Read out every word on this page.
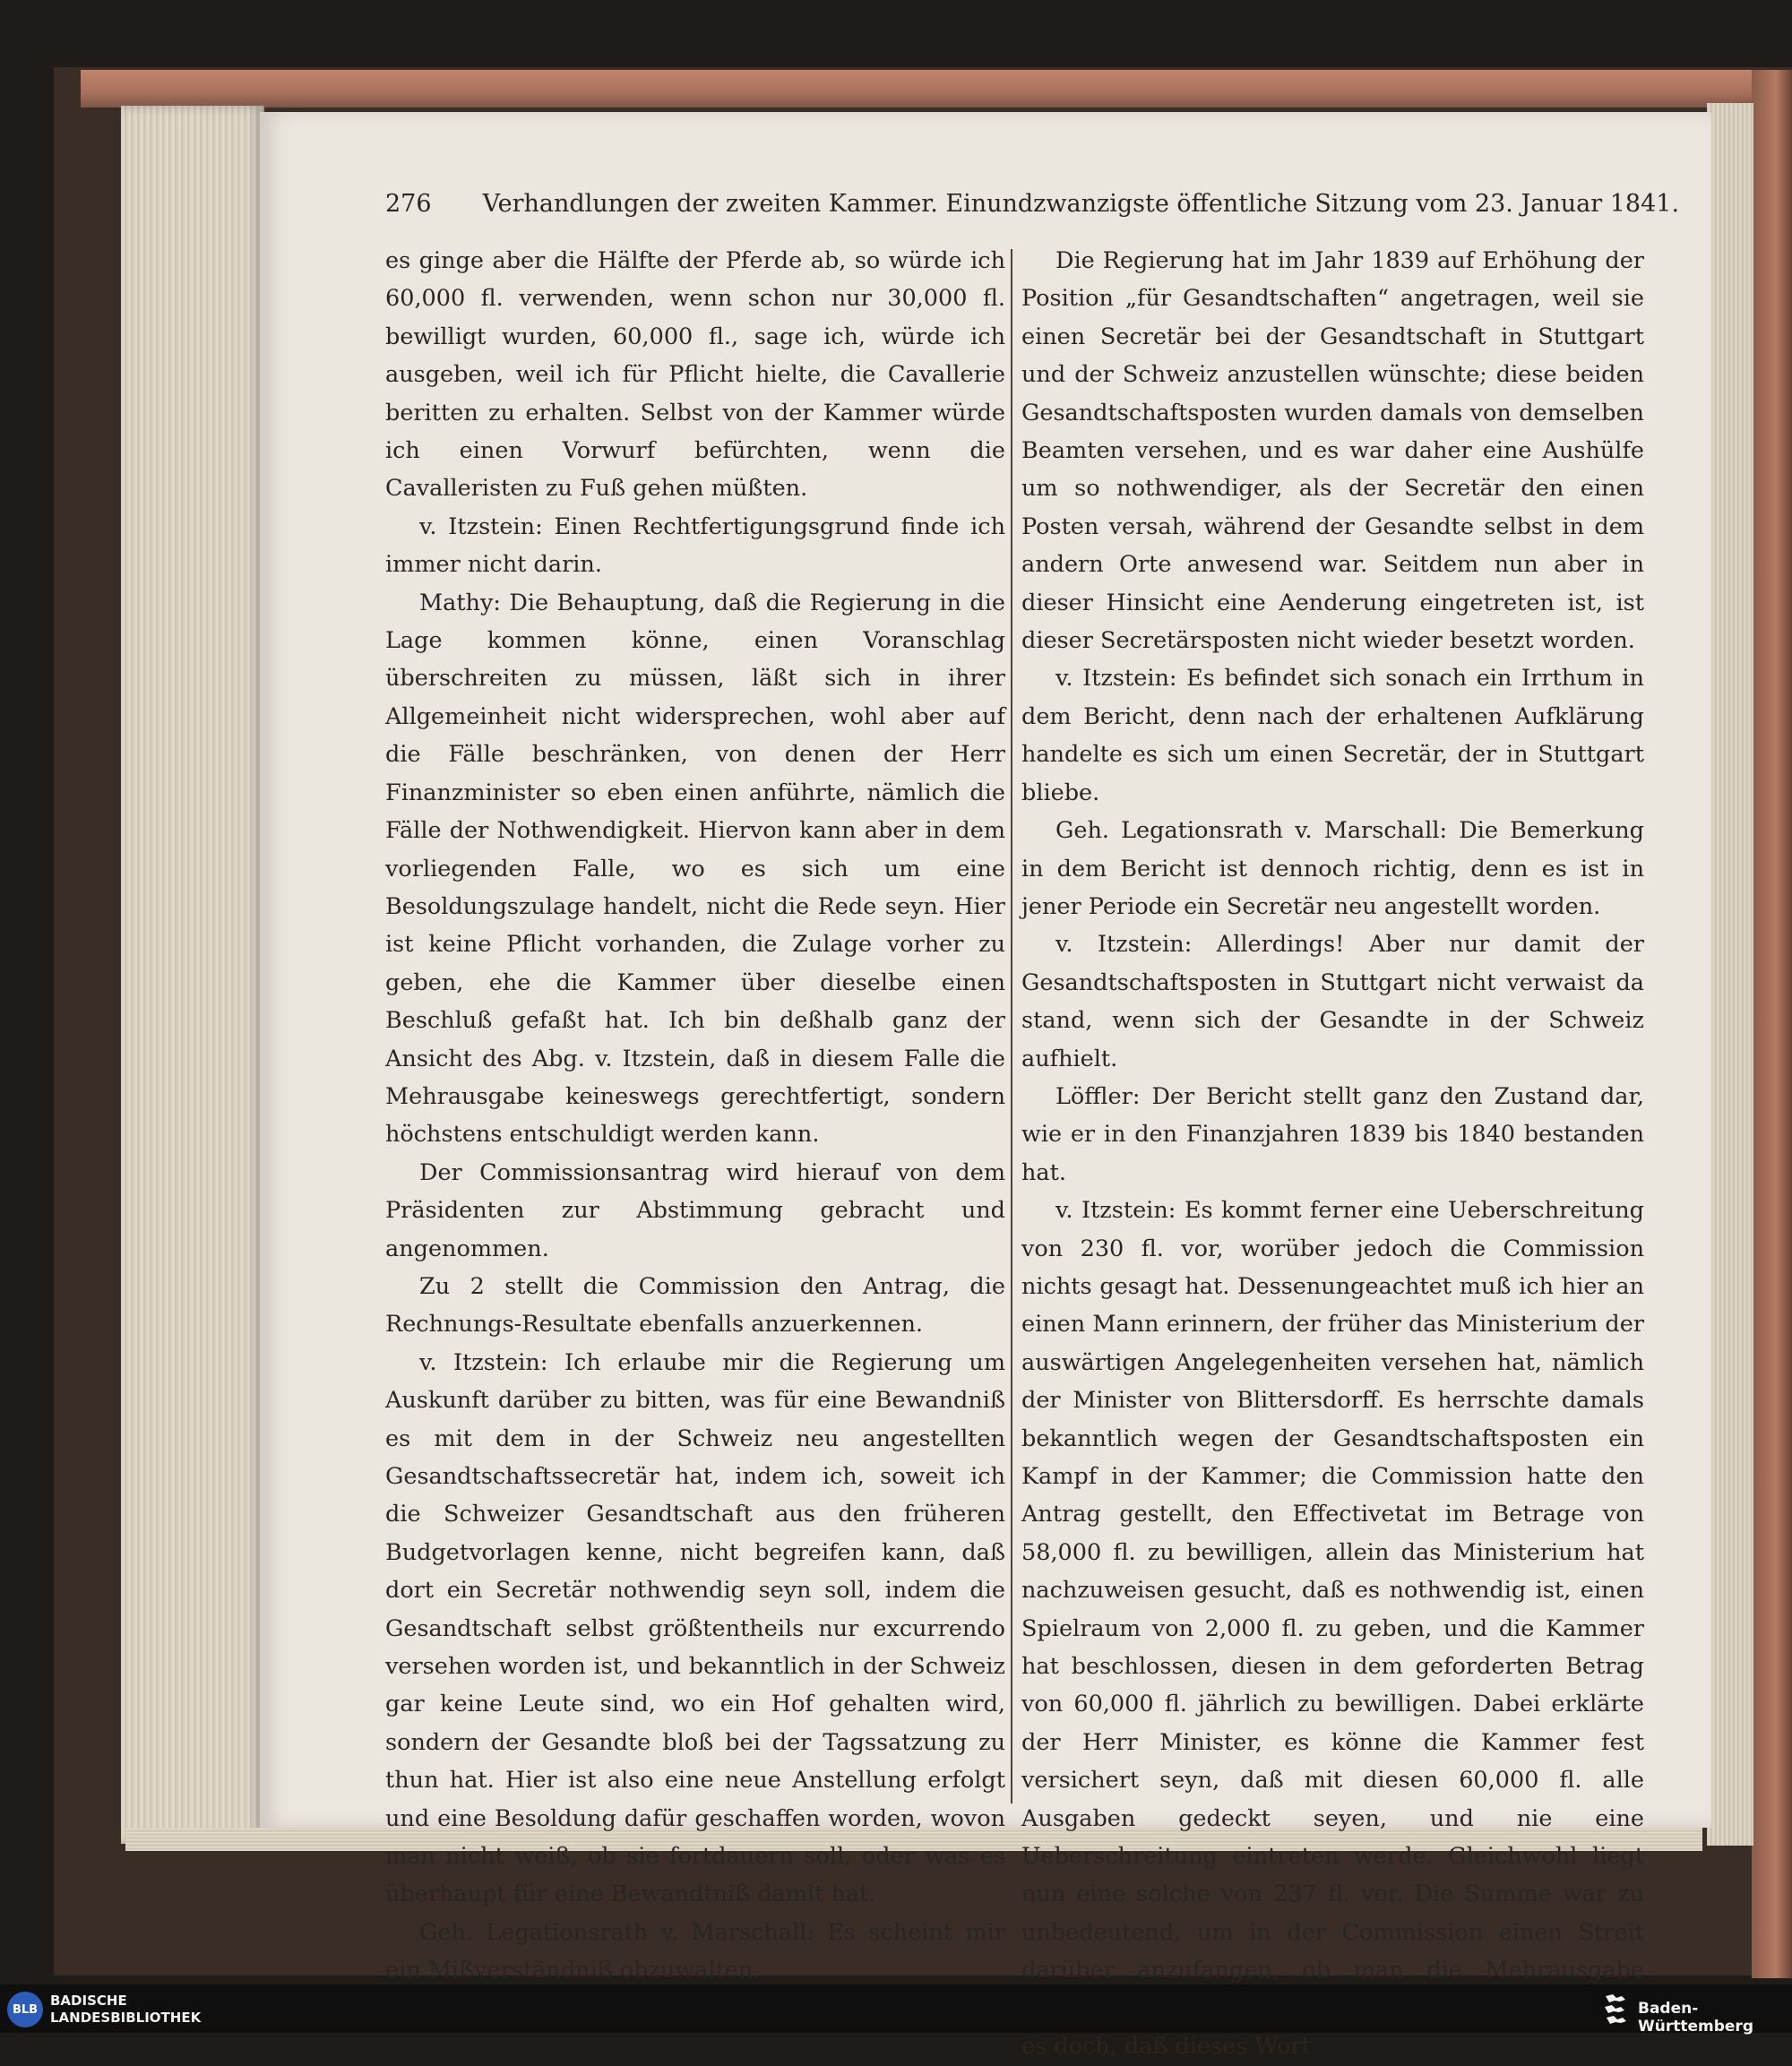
276 Verhandlungen der zweiten Kammer. Einundzwanzigste öffentliche Sitzung vom 23. Januar 1841.

es ginge aber die Hälfte der Pferde ab, so würde ich 60,000 fl. verwenden, wenn schon nur 30,000 fl. bewilligt wurden, 60,000 fl., sage ich, würde ich ausgeben, weil ich für Pflicht hielte, die Cavallerie beritten zu erhalten. Selbst von der Kammer würde ich einen Vorwurf befürchten, wenn die Cavalleristen zu Fuß gehen müßten.

v. Itzstein: Einen Rechtfertigungsgrund finde ich immer nicht darin.

Mathy: Die Behauptung, daß die Regierung in die Lage kommen könne, einen Voranschlag überschreiten zu müssen, läßt sich in ihrer Allgemeinheit nicht widersprechen, wohl aber auf die Fälle beschränken, von denen der Herr Finanzminister so eben einen anführte, nämlich die Fälle der Nothwendigkeit. Hiervon kann aber in dem vorliegenden Falle, wo es sich um eine Besoldungszulage handelt, nicht die Rede seyn. Hier ist keine Pflicht vorhanden, die Zulage vorher zu geben, ehe die Kammer über dieselbe einen Beschluß gefaßt hat. Ich bin deßhalb ganz der Ansicht des Abg. v. Itzstein, daß in diesem Falle die Mehrausgabe keineswegs gerechtfertigt, sondern höchstens entschuldigt werden kann.

Der Commissionsantrag wird hierauf von dem Präsidenten zur Abstimmung gebracht und angenommen.

Zu 2 stellt die Commission den Antrag, die Rechnungs-Resultate ebenfalls anzuerkennen.

v. Itzstein: Ich erlaube mir die Regierung um Auskunft darüber zu bitten, was für eine Bewandniß es mit dem in der Schweiz neu angestellten Gesandtschaftssecretär hat, indem ich, soweit ich die Schweizer Gesandtschaft aus den früheren Budgetvorlagen kenne, nicht begreifen kann, daß dort ein Secretär nothwendig seyn soll, indem die Gesandtschaft selbst größtentheils nur excurrendo versehen worden ist, und bekanntlich in der Schweiz gar keine Leute sind, wo ein Hof gehalten wird, sondern der Gesandte bloß bei der Tagssatzung zu thun hat. Hier ist also eine neue Anstellung erfolgt und eine Besoldung dafür geschaffen worden, wovon man nicht weiß, ob sie fortdauern soll, oder was es überhaupt für eine Bewandtniß damit hat.

Geh. Legationsrath v. Marschall: Es scheint mir ein Mißverständniß obzuwalten.

Die Regierung hat im Jahr 1839 auf Erhöhung der Position „für Gesandtschaften“ angetragen, weil sie einen Secretär bei der Gesandtschaft in Stuttgart und der Schweiz anzustellen wünschte; diese beiden Gesandtschaftsposten wurden damals von demselben Beamten versehen, und es war daher eine Aushülfe um so nothwendiger, als der Secretär den einen Posten versah, während der Gesandte selbst in dem andern Orte anwesend war. Seitdem nun aber in dieser Hinsicht eine Aenderung eingetreten ist, ist dieser Secretärsposten nicht wieder besetzt worden.

v. Itzstein: Es befindet sich sonach ein Irrthum in dem Bericht, denn nach der erhaltenen Aufklärung handelte es sich um einen Secretär, der in Stuttgart bliebe.

Geh. Legationsrath v. Marschall: Die Bemerkung in dem Bericht ist dennoch richtig, denn es ist in jener Periode ein Secretär neu angestellt worden.

v. Itzstein: Allerdings! Aber nur damit der Gesandtschaftsposten in Stuttgart nicht verwaist da stand, wenn sich der Gesandte in der Schweiz aufhielt.

Löffler: Der Bericht stellt ganz den Zustand dar, wie er in den Finanzjahren 1839 bis 1840 bestanden hat.

v. Itzstein: Es kommt ferner eine Ueberschreitung von 230 fl. vor, worüber jedoch die Commission nichts gesagt hat. Dessenungeachtet muß ich hier an einen Mann erinnern, der früher das Ministerium der auswärtigen Angelegenheiten versehen hat, nämlich der Minister von Blittersdorff. Es herrschte damals bekanntlich wegen der Gesandtschaftsposten ein Kampf in der Kammer; die Commission hatte den Antrag gestellt, den Effectivetat im Betrage von 58,000 fl. zu bewilligen, allein das Ministerium hat nachzuweisen gesucht, daß es nothwendig ist, einen Spielraum von 2,000 fl. zu geben, und die Kammer hat beschlossen, diesen in dem geforderten Betrag von 60,000 fl. jährlich zu bewilligen. Dabei erklärte der Herr Minister, es könne die Kammer fest versichert seyn, daß mit diesen 60,000 fl. alle Ausgaben gedeckt seyen, und nie eine Ueberschreitung eintreten werde. Gleichwohl liegt nun eine solche von 237 fl. vor. Die Summe war zu unbedeutend, um in der Commission einen Streit darüber anzufangen, ob man die Mehrausgabe es doch, daß dieses Wort

BLB
BADISCHE
LANDESBIBLIOTHEK	Baden-Württemberg
